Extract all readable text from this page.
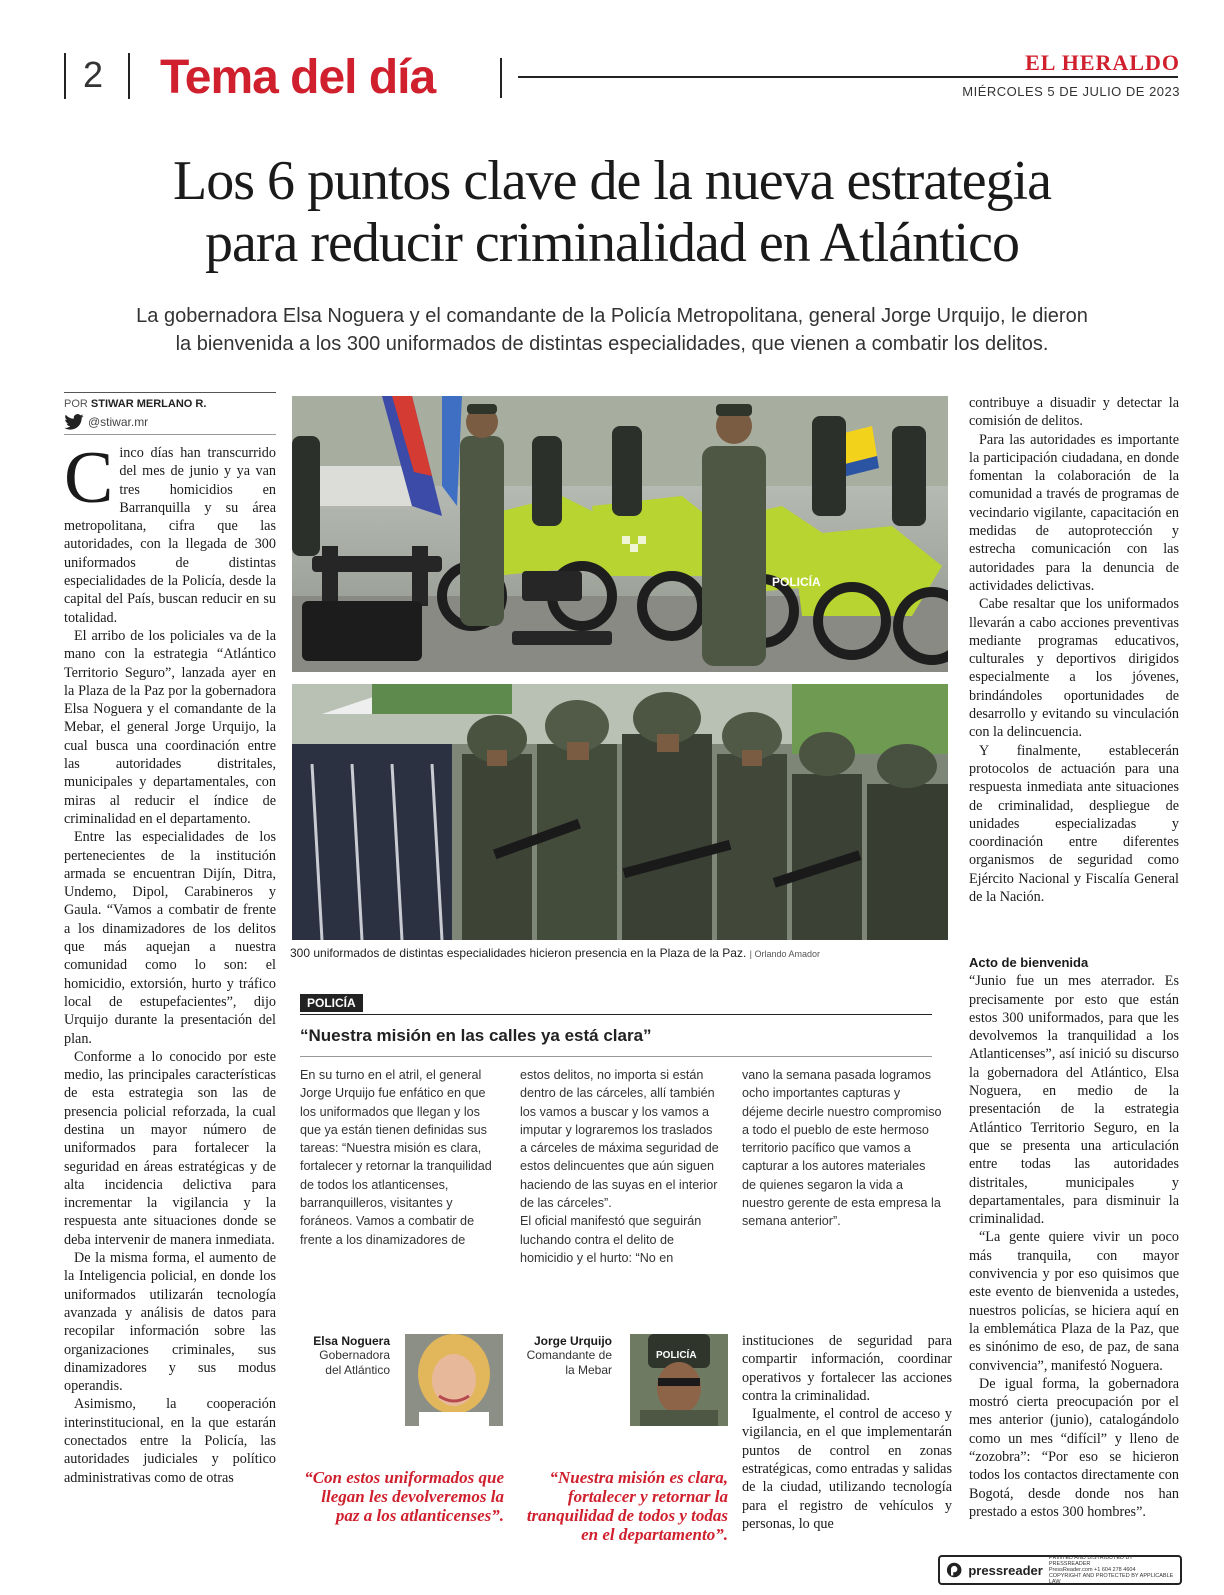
2 Tema del día	EL HERALDO
MIÉRCOLES 5 DE JULIO DE 2023
Los 6 puntos clave de la nueva estrategia
para reducir criminalidad en Atlántico
La gobernadora Elsa Noguera y el comandante de la Policía Metropolitana, general Jorge Urquijo, le dieron
la bienvenida a los 300 uniformados de distintas especialidades, que vienen a combatir los delitos.
POR STIWAR MERLANO R.
@stiwar.mr

Cinco días han transcurrido del mes de junio y ya van tres homicidios en Barranquilla y su área metropolitana, cifra que las autoridades, con la llegada de 300 uniformados de distintas especialidades de la Policía, desde la capital del País, buscan reducir en su totalidad.

El arribo de los policiales va de la mano con la estrategia “Atlántico Territorio Seguro”, lanzada ayer en la Plaza de la Paz por la gobernadora Elsa Noguera y el comandante de la Mebar, el general Jorge Urquijo, la cual busca una coordinación entre las autoridades distritales, municipales y departamentales, con miras al reducir el índice de criminalidad en el departamento.

Entre las especialidades de los pertenecientes de la institución armada se encuentran Dijín, Ditra, Undemo, Dipol, Carabineros y Gaula. “Vamos a combatir de frente a los dinamizadores de los delitos que más aquejan a nuestra comunidad como lo son: el homicidio, extorsión, hurto y tráfico local de estupefacientes”, dijo Urquijo durante la presentación del plan.

Conforme a lo conocido por este medio, las principales características de esta estrategia son las de presencia policial reforzada, la cual destina un mayor número de uniformados para fortalecer la seguridad en áreas estratégicas y de alta incidencia delictiva para incrementar la vigilancia y la respuesta ante situaciones donde se deba intervenir de manera inmediata.

De la misma forma, el aumento de la Inteligencia policial, en donde los uniformados utilizarán tecnología avanzada y análisis de datos para recopilar información sobre las organizaciones criminales, sus dinamizadores y sus modus operandis.

Asimismo, la cooperación interinstitucional, en la que estarán conectados entre la Policía, las autoridades judiciales y político administrativas como de otras

POLICÍA
300 uniformados de distintas especialidades hicieron presencia en la Plaza de la Paz. | Orlando Amador

contribuye a disuadir y detectar la comisión de delitos.

Para las autoridades es importante la participación ciudadana, en donde fomentan la colaboración de la comunidad a través de programas de vecindario vigilante, capacitación en medidas de autoprotección y estrecha comunicación con las autoridades para la denuncia de actividades delictivas.

Cabe resaltar que los uniformados llevarán a cabo acciones preventivas mediante programas educativos, culturales y deportivos dirigidos especialmente a los jóvenes, brindándoles oportunidades de desarrollo y evitando su vinculación con la delincuencia.

Y finalmente, establecerán protocolos de actuación para una respuesta inmediata ante situaciones de criminalidad, despliegue de unidades especializadas y coordinación entre diferentes organismos de seguridad como Ejército Nacional y Fiscalía General de la Nación.

Acto de bienvenida

“Junio fue un mes aterrador. Es precisamente por esto que están estos 300 uniformados, para que les devolvemos la tranquilidad a los Atlanticenses”, así inició su discurso la gobernadora del Atlántico, Elsa Noguera, en medio de la presentación de la estrategia Atlántico Territorio Seguro, en la que se presenta una articulación entre todas las autoridades distritales, municipales y departamentales, para disminuir la criminalidad.

“La gente quiere vivir un poco más tranquila, con mayor convivencia y por eso quisimos que este evento de bienvenida a ustedes, nuestros policías, se hiciera aquí en la emblemática Plaza de la Paz, que es sinónimo de eso, de paz, de sana convivencia”, manifestó Noguera.

De igual forma, la gobernadora mostró cierta preocupación por el mes anterior (junio), catalogándolo como un mes “difícil” y lleno de “zozobra”: “Por eso se hicieron todos los contactos directamente con Bogotá, desde donde nos han prestado a estos 300 hombres”.

POLICÍA
“Nuestra misión en las calles ya está clara”

En su turno en el atril, el general Jorge Urquijo fue enfático en que los uniformados que llegan y los que ya están tienen definidas sus tareas: “Nuestra misión es clara, fortalecer y retornar la tranquilidad de todos los atlanticenses, barranquilleros, visitantes y foráneos. Vamos a combatir de frente a los dinamizadores de

estos delitos, no importa si están dentro de las cárceles, allí también los vamos a buscar y los vamos a imputar y lograremos los traslados a cárceles de máxima seguridad de estos delincuentes que aún siguen haciendo de las suyas en el interior de las cárceles”.

El oficial manifestó que seguirán luchando contra el delito de homicidio y el hurto: “No en

vano la semana pasada logramos ocho importantes capturas y déjeme decirle nuestro compromiso a todo el pueblo de este hermoso territorio pacífico que vamos a capturar a los autores materiales de quienes segaron la vida a nuestro gerente de esta empresa la semana anterior”.

Elsa Noguera
Gobernadora
del Atlántico
“Con estos uniformados que llegan les devolveremos la paz a los atlanticenses”.
Jorge Urquijo
Comandante de
la Mebar
POLICÍA
“Nuestra misión es clara, fortalecer y retornar la tranquilidad de todos y todas en el departamento”.

instituciones de seguridad para compartir información, coordinar operativos y fortalecer las acciones contra la criminalidad.

Igualmente, el control de acceso y vigilancia, en el que implementarán puntos de control en zonas estratégicas, como entradas y salidas de la ciudad, utilizando tecnología para el registro de vehículos y personas, lo que

pressreader
PRINTED AND DISTRIBUTED BY PRESSREADER
PressReader.com +1 604 278 4604
COPYRIGHT AND PROTECTED BY APPLICABLE LAW
